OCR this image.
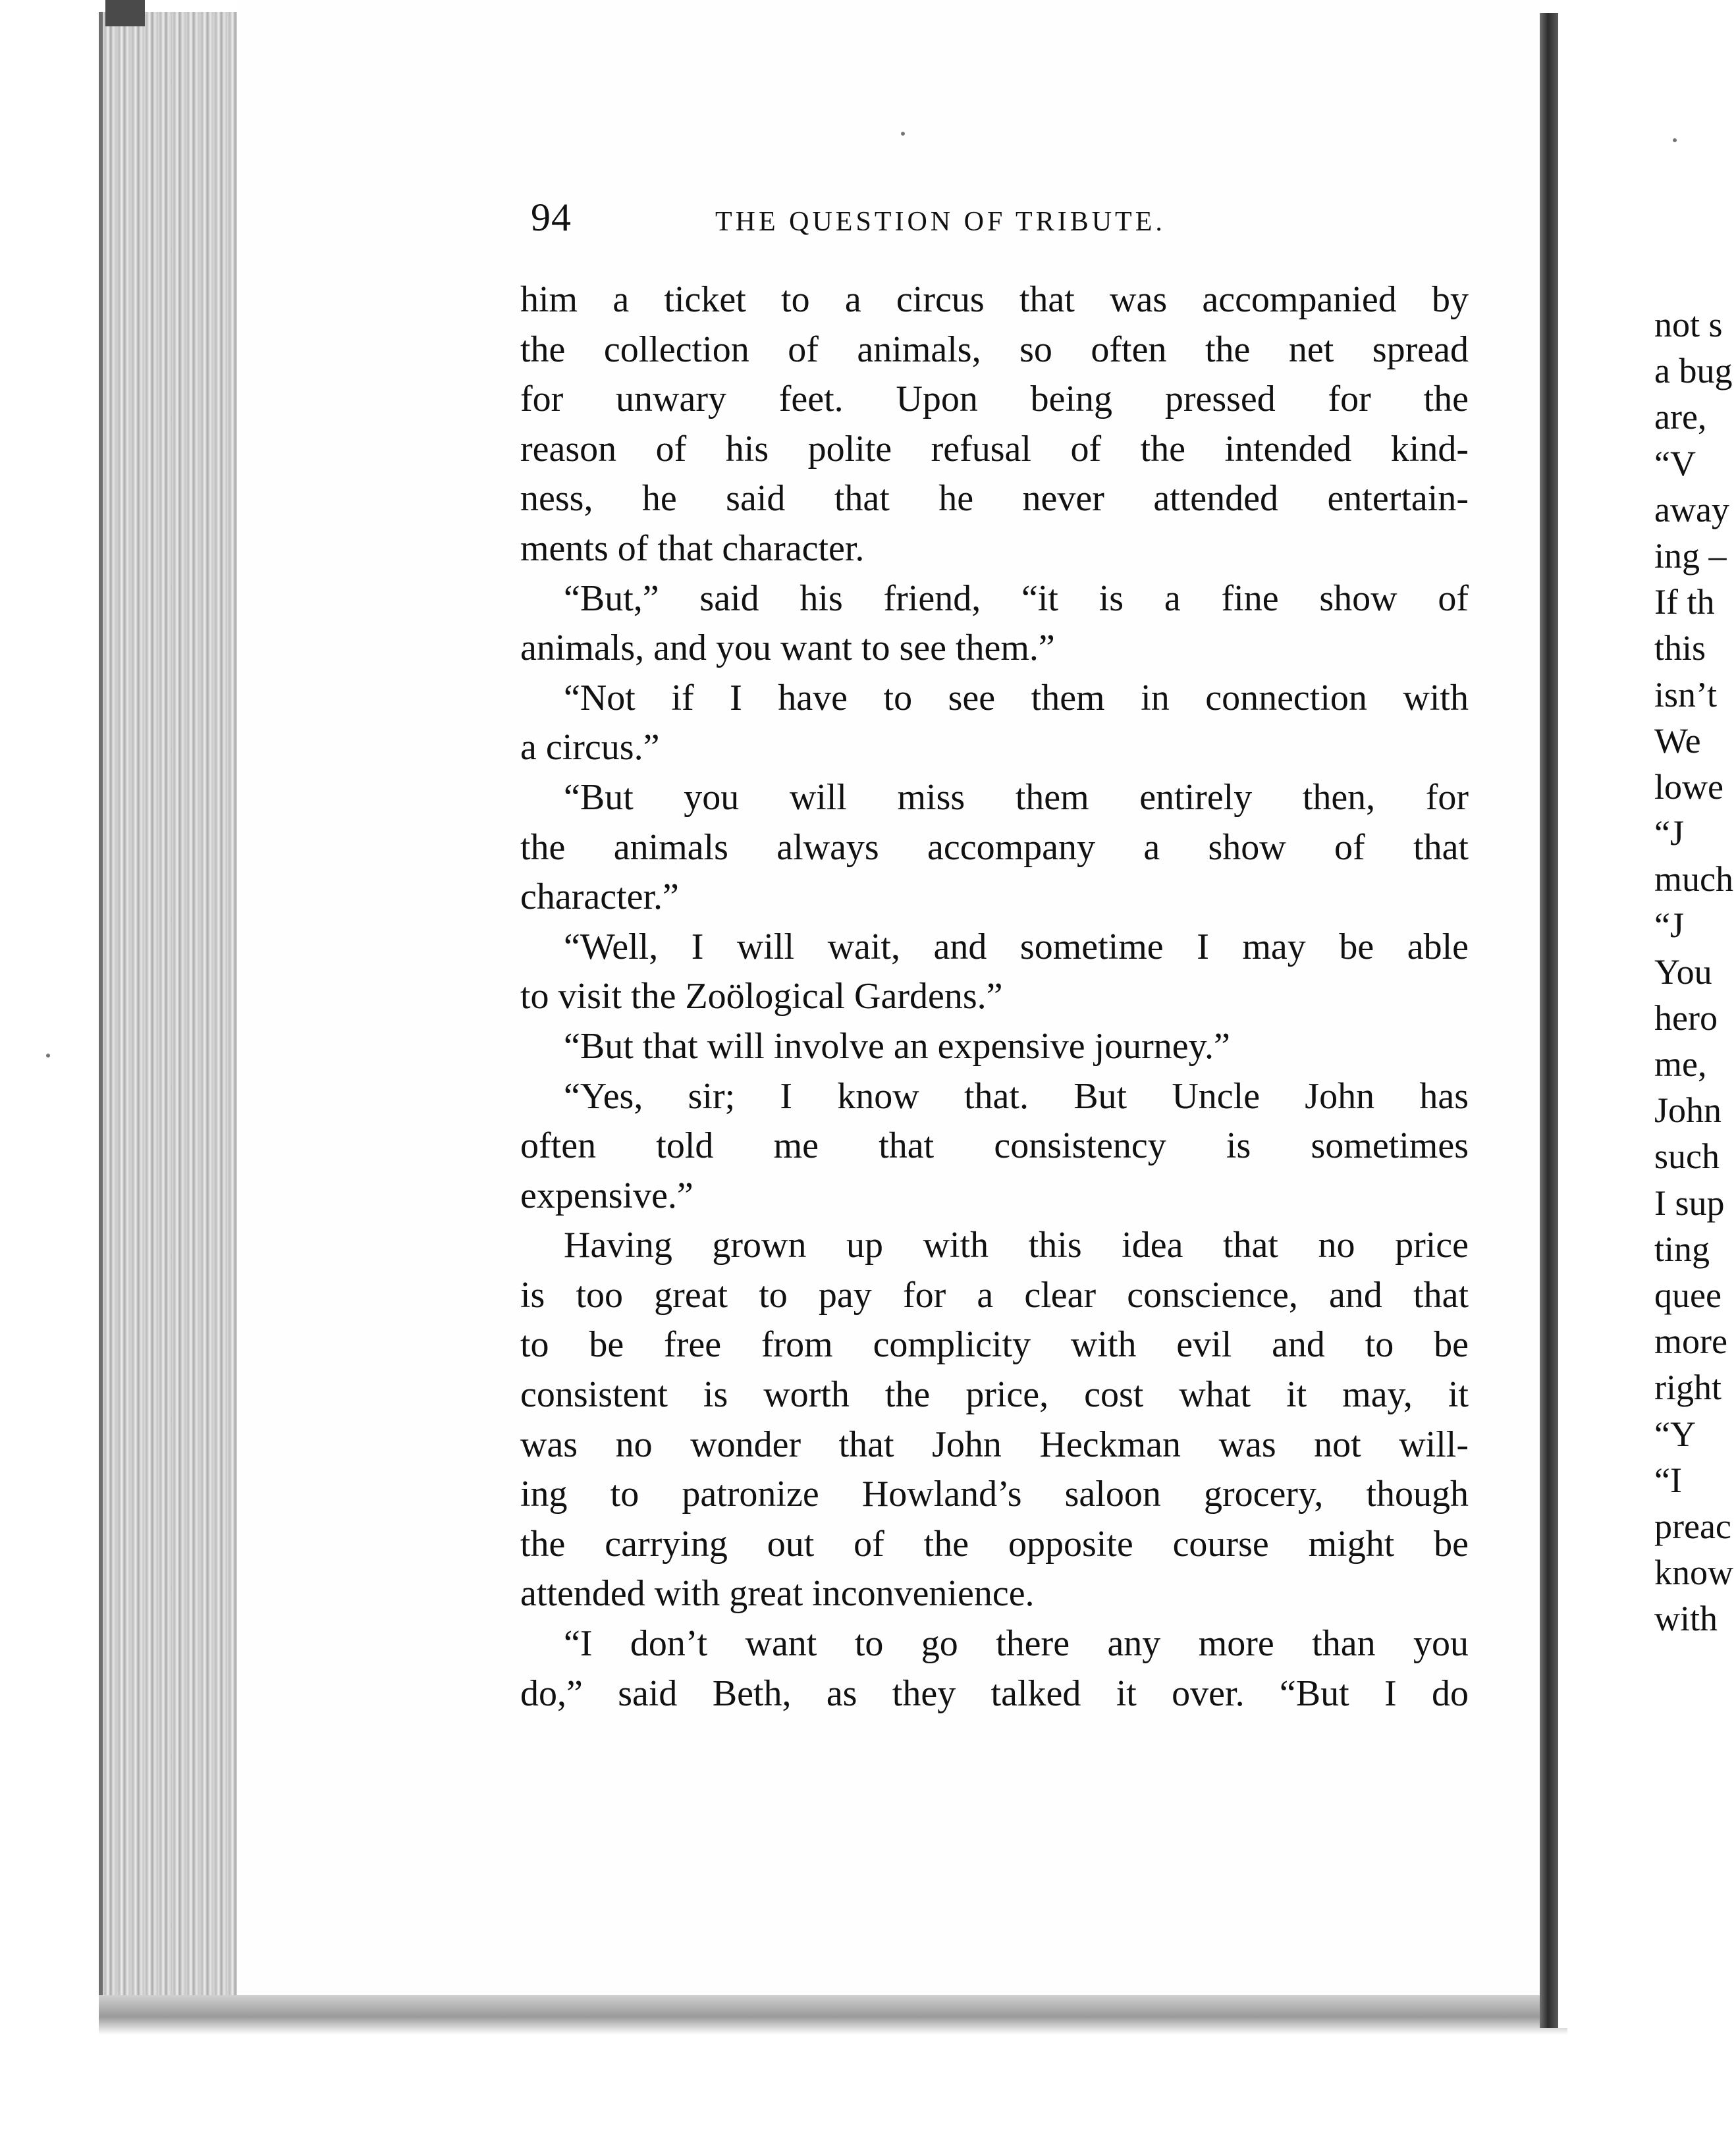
94	THE QUESTION OF TRIBUTE.
him a ticket to a circus that was accompanied by
the collection of animals, so often the net spread
for unwary feet. Upon being pressed for the
reason of his polite refusal of the intended kind-
ness, he said that he never attended entertain-
ments of that character.
“But,” said his friend, “it is a fine show of
animals, and you want to see them.”
“Not if I have to see them in connection with
a circus.”
“But you will miss them entirely then, for
the animals always accompany a show of that
character.”
“Well, I will wait, and sometime I may be able
to visit the Zoölogical Gardens.”
“But that will involve an expensive journey.”
“Yes, sir; I know that. But Uncle John has
often told me that consistency is sometimes
expensive.”
Having grown up with this idea that no price
is too great to pay for a clear conscience, and that
to be free from complicity with evil and to be
consistent is worth the price, cost what it may, it
was no wonder that John Heckman was not will-
ing to patronize Howland’s saloon grocery, though
the carrying out of the opposite course might be
attended with great inconvenience.
“I don’t want to go there any more than you
do,” said Beth, as they talked it over. “But I do
not s
a bug
are,
“V
away
ing –
If th
this
isn’t
We
lowe
“J
much
“J
You
hero
me,
John
such
I sup
ting
quee
more
right
“Y
“I
preac
know
with
